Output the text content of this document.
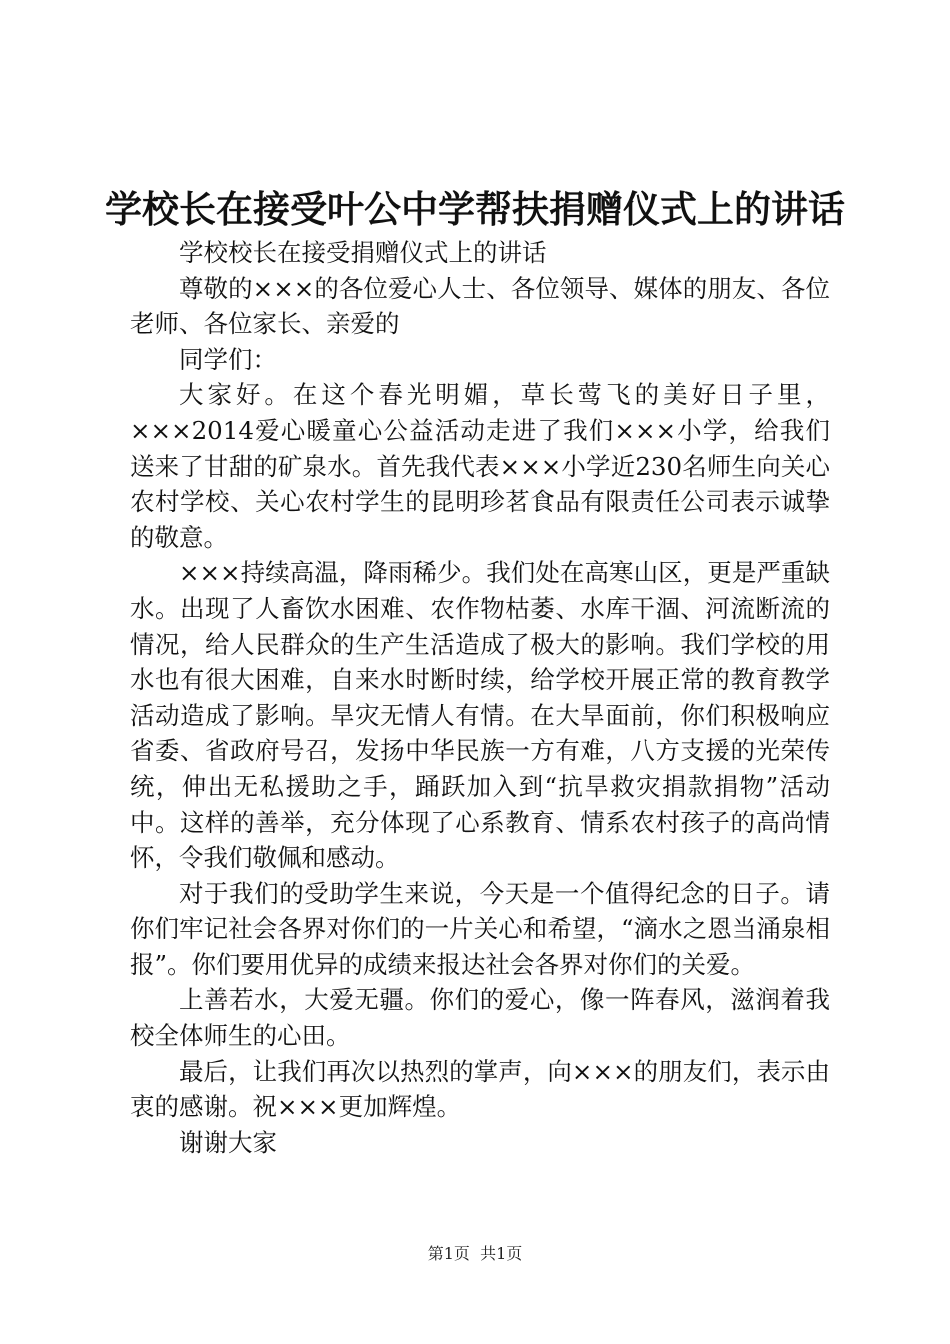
学校长在接受叶公中学帮扶捐赠仪式上的讲话

学校校长在接受捐赠仪式上的讲话

尊敬的×××的各位爱心人士、各位领导、媒体的朋友、各位老师、各位家长、亲爱的

同学们：

大家好。在这个春光明媚，草长莺飞的美好日子里，×××2014爱心暖童心公益活动走进了我们×××小学，给我们送来了甘甜的矿泉水。首先我代表×××小学近230名师生向关心农村学校、关心农村学生的昆明珍茗食品有限责任公司表示诚挚的敬意。

×××持续高温，降雨稀少。我们处在高寒山区，更是严重缺水。出现了人畜饮水困难、农作物枯萎、水库干涸、河流断流的情况，给人民群众的生产生活造成了极大的影响。我们学校的用水也有很大困难，自来水时断时续，给学校开展正常的教育教学活动造成了影响。旱灾无情人有情。在大旱面前，你们积极响应省委、省政府号召，发扬中华民族一方有难，八方支援的光荣传统，伸出无私援助之手，踊跃加入到“抗旱救灾捐款捐物”活动中。这样的善举，充分体现了心系教育、情系农村孩子的高尚情怀，令我们敬佩和感动。

对于我们的受助学生来说，今天是一个值得纪念的日子。请你们牢记社会各界对你们的一片关心和希望，“滴水之恩当涌泉相报”。你们要用优异的成绩来报达社会各界对你们的关爱。

上善若水，大爱无疆。你们的爱心，像一阵春风，滋润着我校全体师生的心田。

最后，让我们再次以热烈的掌声，向×××的朋友们，表示由衷的感谢。祝×××更加辉煌。

谢谢大家

第1页  共1页
